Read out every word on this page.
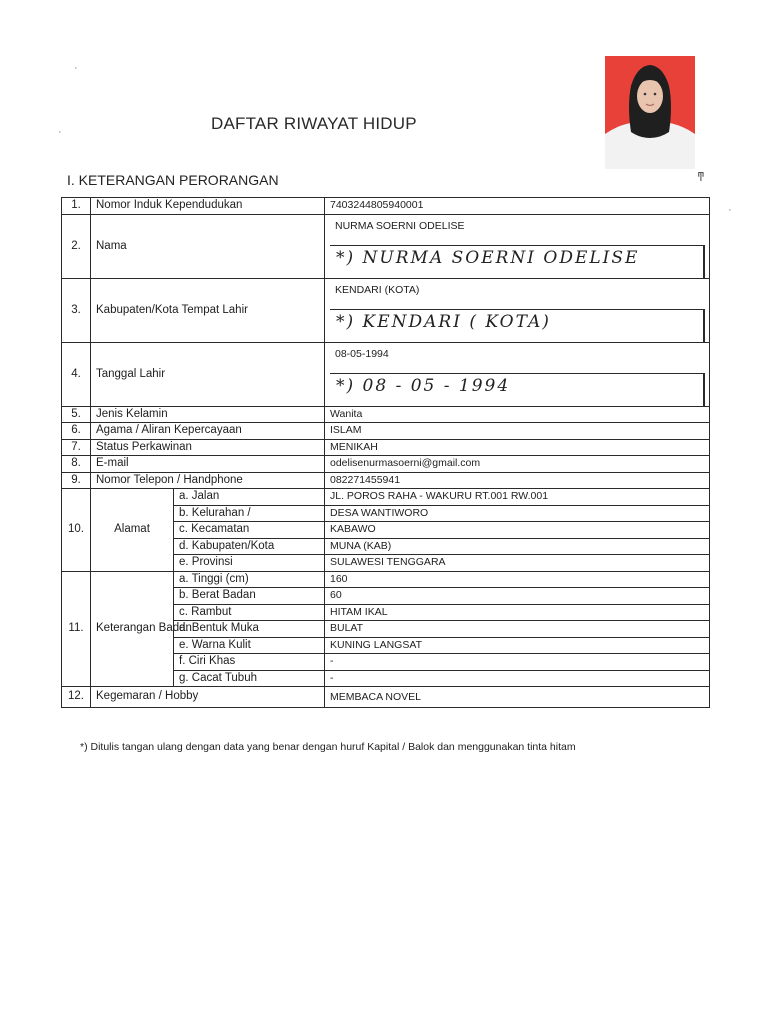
DAFTAR RIWAYAT HIDUP
ͳ
·
·
·
I. KETERANGAN PERORANGAN
1.	Nomor Induk Kependudukan		7403244805940001
2.	Nama		NURMA SOERNI ODELISE
*) NURMA SOERNI ODELISE

3.	Kabupaten/Kota Tempat Lahir		KENDARI (KOTA)
*) KENDARI ( KOTA)

4.	Tanggal Lahir		08-05-1994
*) 08 - 05 - 1994

5.	Jenis Kelamin		Wanita
6.	Agama / Aliran Kepercayaan		ISLAM
7.	Status Perkawinan		MENIKAH
8.	E-mail		odelisenurmasoerni@gmail.com
9.	Nomor Telepon / Handphone		082271455941
10.	Alamat	a. Jalan	JL. POROS RAHA - WAKURU RT.001 RW.001
		b. Kelurahan /	DESA WANTIWORO
		c. Kecamatan	KABAWO
		d. Kabupaten/Kota	MUNA (KAB)
		e. Provinsi	SULAWESI TENGGARA
11.	Keterangan Badan	a. Tinggi (cm)	160
		b. Berat Badan	60
		c. Rambut	HITAM IKAL
		d. Bentuk Muka	BULAT
		e. Warna Kulit	KUNING LANGSAT
		f. Ciri Khas	-
		g. Cacat Tubuh	-
12.	Kegemaran / Hobby		MEMBACA NOVEL
*) Ditulis tangan ulang dengan data yang benar dengan huruf Kapital / Balok dan menggunakan tinta hitam
